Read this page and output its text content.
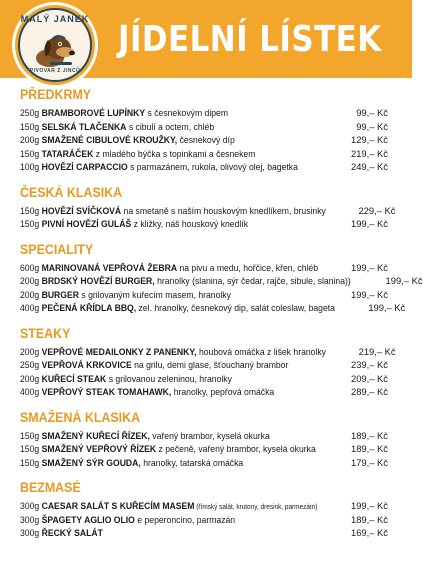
MALÝ JANEK
PIVOVAR Z JINCŮ
JÍDELNÍ LÍSTEK
PŘEDKRMY
250g BRAMBOROVÉ LUPÍNKY s česnekovým dipem	99,– Kč
150g SELSKÁ TLAČENKA s cibulí a octem, chléb	99,– Kč
200g SMAŽENÉ CIBULOVÉ KROUŽKY, česnekový díp	129,– Kč
150g TATARÁČEK z mladého býčka s topinkami a česnekem	219,– Kč
100g HOVĚZÍ CARPACCIO s parmazánem, rukola, olivový olej, bagetka	249,– Kč
ČESKÁ KLASIKA
150g HOVĚZÍ SVÍČKOVÁ na smetaně s naším houskovým knedlíkem, brusinky	229,– Kč
150g PIVNÍ HOVĚZÍ GULÁŠ z kližky, náš houskový knedlík	199,– Kč
SPECIALITY
600g MARINOVANÁ VEPŘOVÁ ŽEBRA na pivu a medu, hořčice, křen, chléb	199,– Kč
200g BRDSKÝ HOVĚZÍ BURGER, hranolky (slanina, sýr čedar, rajče, sibule, slanina))	199,– Kč
200g BURGER s grilovaným kuřecím masem, hranolky	199,– Kč
400g PEČENÁ KŘÍDLA BBQ, zel. hranolky, česnekový dip, salát coleslaw, bageta	199,– Kč
STEAKY
200g VEPŘOVÉ MEDAILONKY Z PANENKY, houbová omáčka z lišek hranolky	219,– Kč
250g VEPŘOVÁ KRKOVICE na grilu, demi glase, šťouchaný brambor	239,– Kč
200g KUŘECÍ STEAK s grilovanou zeleninou, hranolky	209,– Kč
400g VEPŘOVÝ STEAK TOMAHAWK, hranolky, pepřová omáčka	289,– Kč
SMAŽENÁ KLASIKA
150g SMAŽENÝ KUŘECÍ ŘÍZEK, vařený brambor, kyselá okurka	189,– Kč
150g SMAŽENÝ VEPŘOVÝ ŘÍZEK z pečeně, vařený brambor, kyselá okurka	189,– Kč
150g SMAŽENÝ SÝR GOUDA, hranolky, tatarská omáčka	179,– Kč
BEZMASÉ
300g CAESAR SALÁT S KUŘECÍM MASEM (římský salát, krutony, dresink, parmezám)	199,– Kč
300g ŠPAGETY AGLIO OLIO e peperoncino, parmazán	189,– Kč
300g ŘECKÝ SALÁT	169,– Kč
